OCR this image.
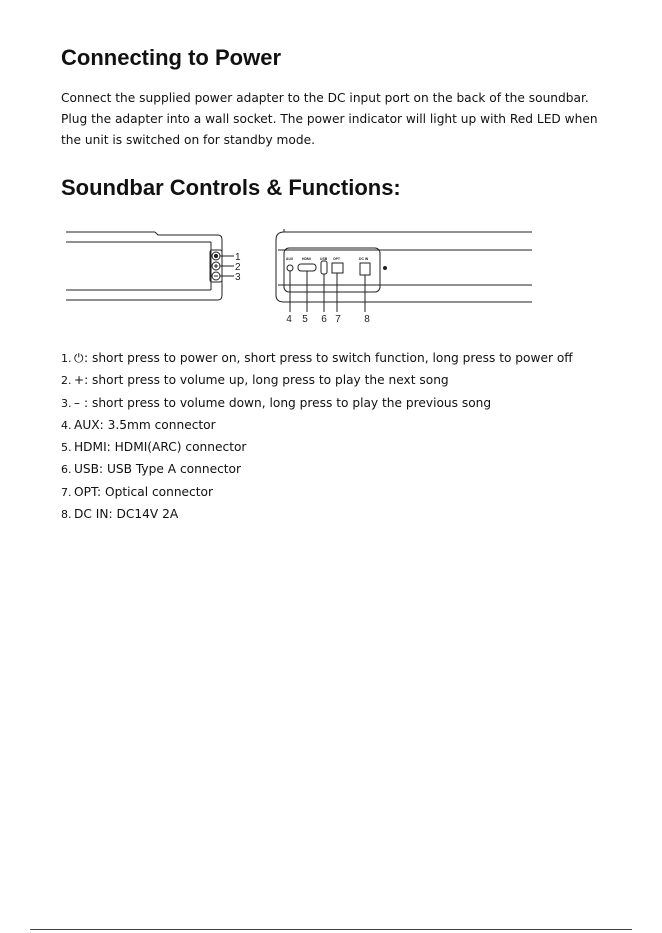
Connecting to Power
Connect the supplied power adapter to the DC input port on the back of the soundbar.
Plug the adapter into a wall socket. The power indicator will light up with Red LED when
the unit is switched on for standby mode.
Soundbar Controls & Functions:
1
2
3
AUX	HDMI	USB OPT	DC IN
4 5 6 7 8
1. ⏻: short press to power on, short press to switch function, long press to power off
2. +: short press to volume up, long press to play the next song
3. – : short press to volume down, long press to play the previous song
4. AUX: 3.5mm connector
5. HDMI: HDMI(ARC) connector
6. USB: USB Type A connector
7. OPT: Optical connector
8. DC IN: DC14V 2A
